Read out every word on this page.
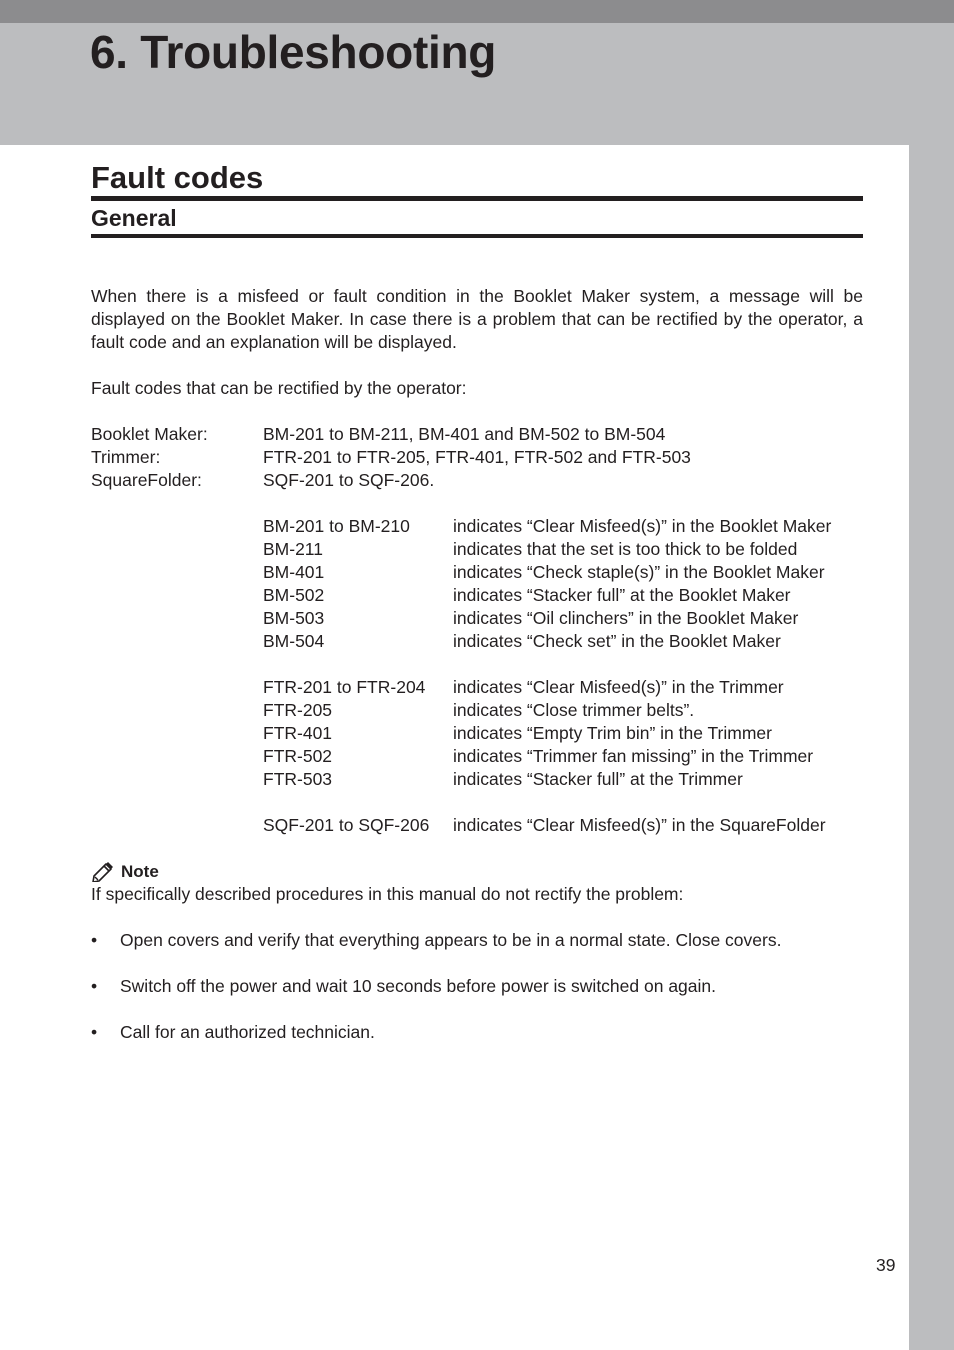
6. Troubleshooting
Fault codes
General

When there is a misfeed or fault condition in the Booklet Maker system, a message will be displayed on the Booklet Maker. In case there is a problem that can be rectified by the operator, a fault code and an explanation will be displayed.

Fault codes that can be rectified by the operator:

Booklet Maker:	BM-201 to BM-211, BM-401 and BM-502 to BM-504
Trimmer:	FTR-201 to FTR-205, FTR-401, FTR-502 and FTR-503
SquareFolder:	SQF-201 to SQF-206.
BM-201 to BM-210	indicates “Clear Misfeed(s)” in the Booklet Maker
BM-211	indicates that the set is too thick to be folded
BM-401	indicates “Check staple(s)” in the Booklet Maker
BM-502	indicates “Stacker full” at the Booklet Maker
BM-503	indicates “Oil clinchers” in the Booklet Maker
BM-504	indicates “Check set” in the Booklet Maker
FTR-201 to FTR-204	indicates “Clear Misfeed(s)” in the Trimmer
FTR-205	indicates “Close trimmer belts”.
FTR-401	indicates “Empty Trim bin” in the Trimmer
FTR-502	indicates “Trimmer fan missing” in the Trimmer
FTR-503	indicates “Stacker full” at the Trimmer
SQF-201 to SQF-206	indicates “Clear Misfeed(s)” in the SquareFolder
Note

If specifically described procedures in this manual do not rectify the problem:

•	Open covers and verify that everything appears to be in a normal state. Close covers.
•	Switch off the power and wait 10 seconds before power is switched on again.
•	Call for an authorized technician.
39
